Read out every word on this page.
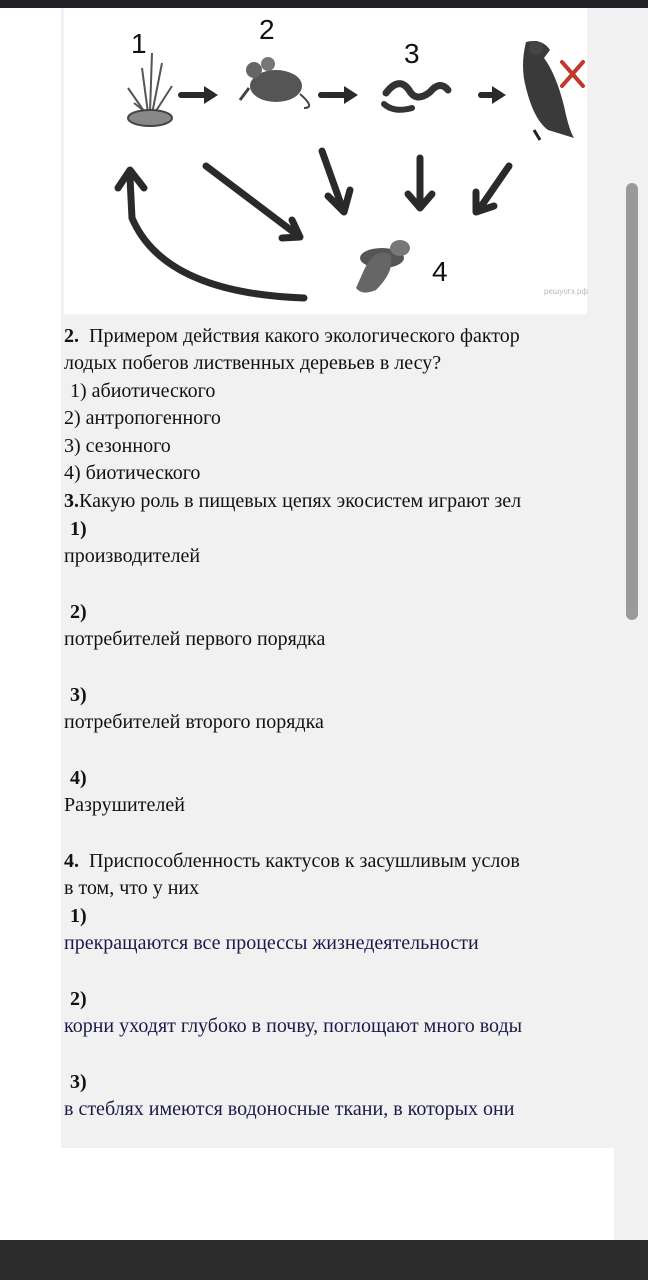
1	2
3
4
решуогэ.рф
2. Примером действия какого экологического фактор
лодых побегов лиственных деревьев в лесу?
1) абиотического
2) антропогенного
3) сезонного
4) биотического
3.Какую роль в пищевых цепях экосистем играют зел
1)
производителей
2)
потребителей первого порядка
3)
потребителей второго порядка
4)
Разрушителей
4. Приспособленность кактусов к засушливым услов
в том, что у них
1)
прекращаются все процессы жизнедеятельности
2)
корни уходят глубоко в почву, поглощают много воды
3)
в стеблях имеются водоносные ткани, в которых они
